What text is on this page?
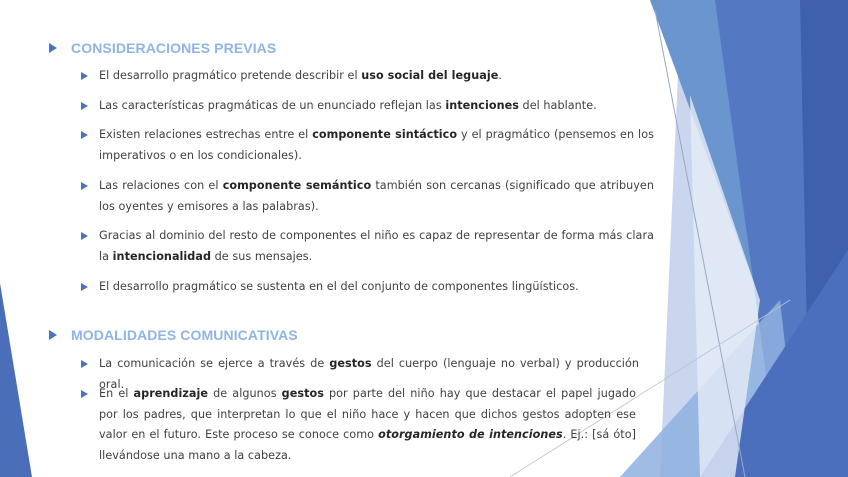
CONSIDERACIONES PREVIAS
El desarrollo pragmático pretende describir el uso social del leguaje.
Las características pragmáticas de un enunciado reflejan las intenciones del hablante.
Existen relaciones estrechas entre el componente sintáctico y el pragmático (pensemos en los imperativos o en los condicionales).
Las relaciones con el componente semántico también son cercanas (significado que atribuyen los oyentes y emisores a las palabras).
Gracias al dominio del resto de componentes el niño es capaz de representar de forma más clara la intencionalidad de sus mensajes.
El desarrollo pragmático se sustenta en el del conjunto de componentes lingüísticos.
MODALIDADES COMUNICATIVAS
La comunicación se ejerce a través de gestos del cuerpo (lenguaje no verbal) y producción oral.
En el aprendizaje de algunos gestos por parte del niño hay que destacar el papel jugado por los padres, que interpretan lo que el niño hace y hacen que dichos gestos adopten ese valor en el futuro. Este proceso se conoce como otorgamiento de intenciones. Ej.: [sá óto] llevándose una mano a la cabeza.
